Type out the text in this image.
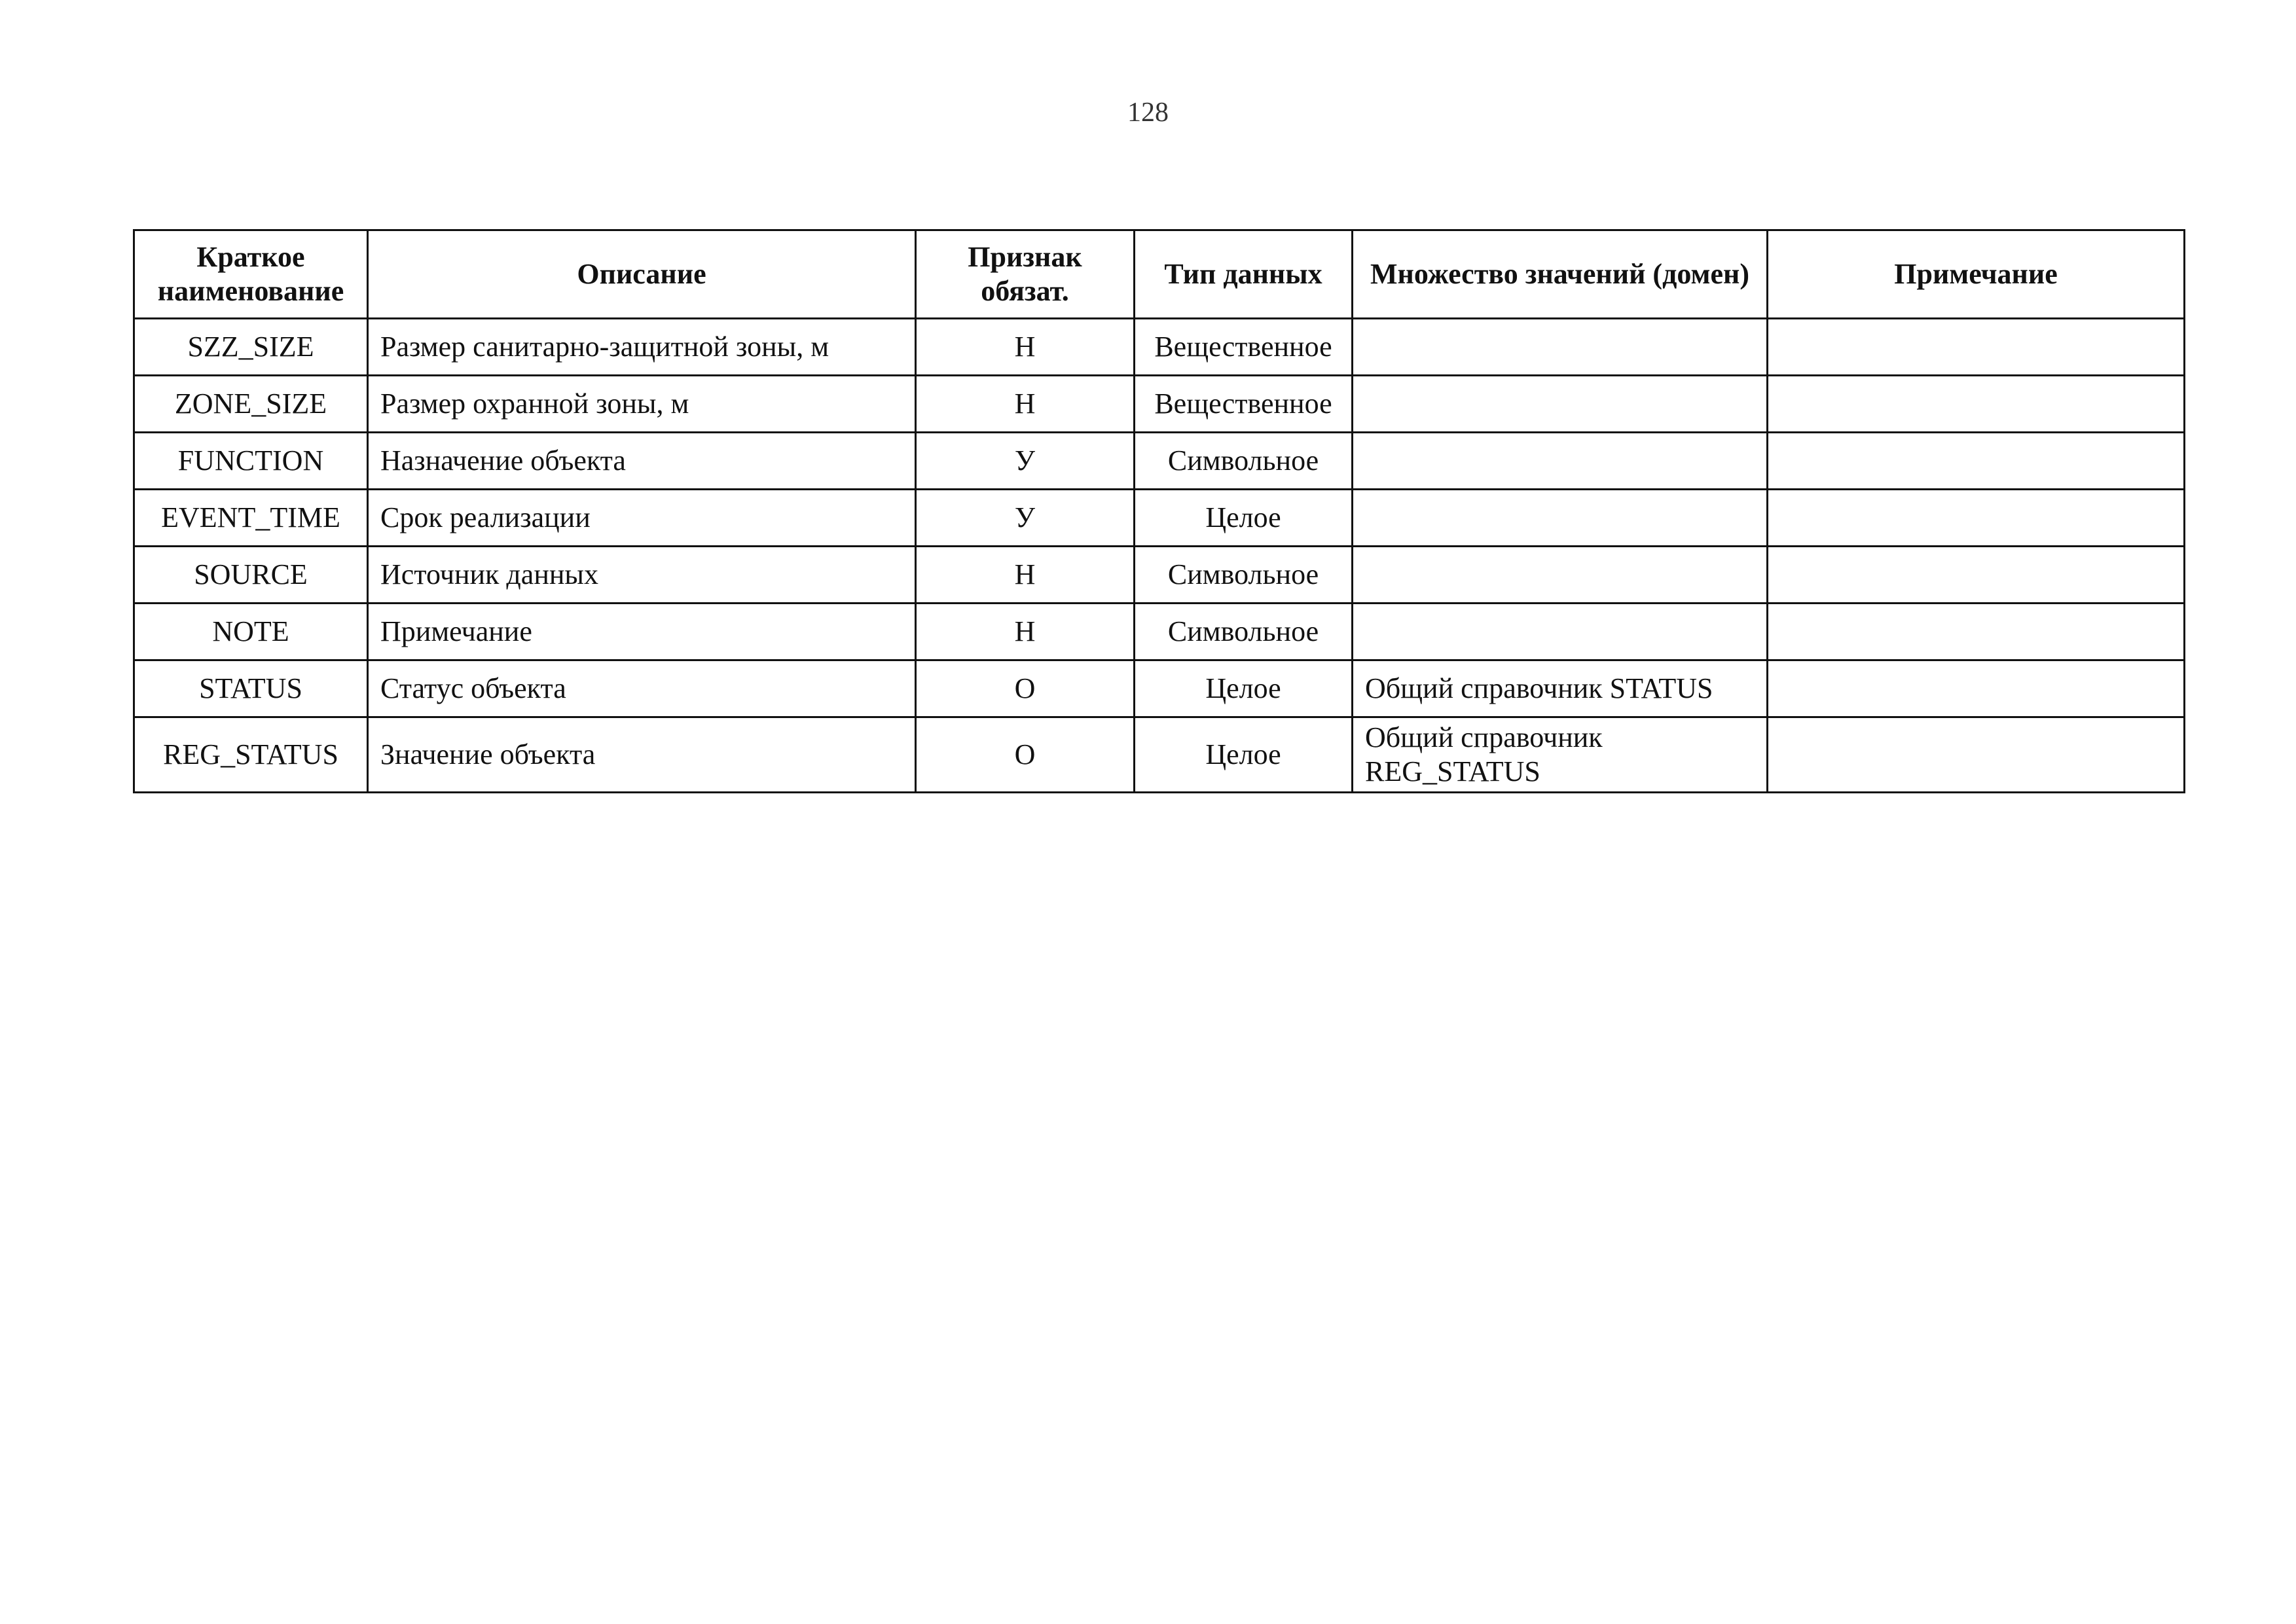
128
Краткое наименование	Описание	Признак обязат.	Тип данных	Множество значений (домен)	Примечание
SZZ_SIZE	Размер санитарно-защитной зоны, м	Н	Вещественное		
ZONE_SIZE	Размер охранной зоны, м	Н	Вещественное		
FUNCTION	Назначение объекта	У	Символьное		
EVENT_TIME	Срок реализации	У	Целое		
SOURCE	Источник данных	Н	Символьное		
NOTE	Примечание	Н	Символьное		
STATUS	Статус объекта	О	Целое	Общий справочник STATUS	
REG_STATUS	Значение объекта	О	Целое	Общий справочник REG_STATUS	
